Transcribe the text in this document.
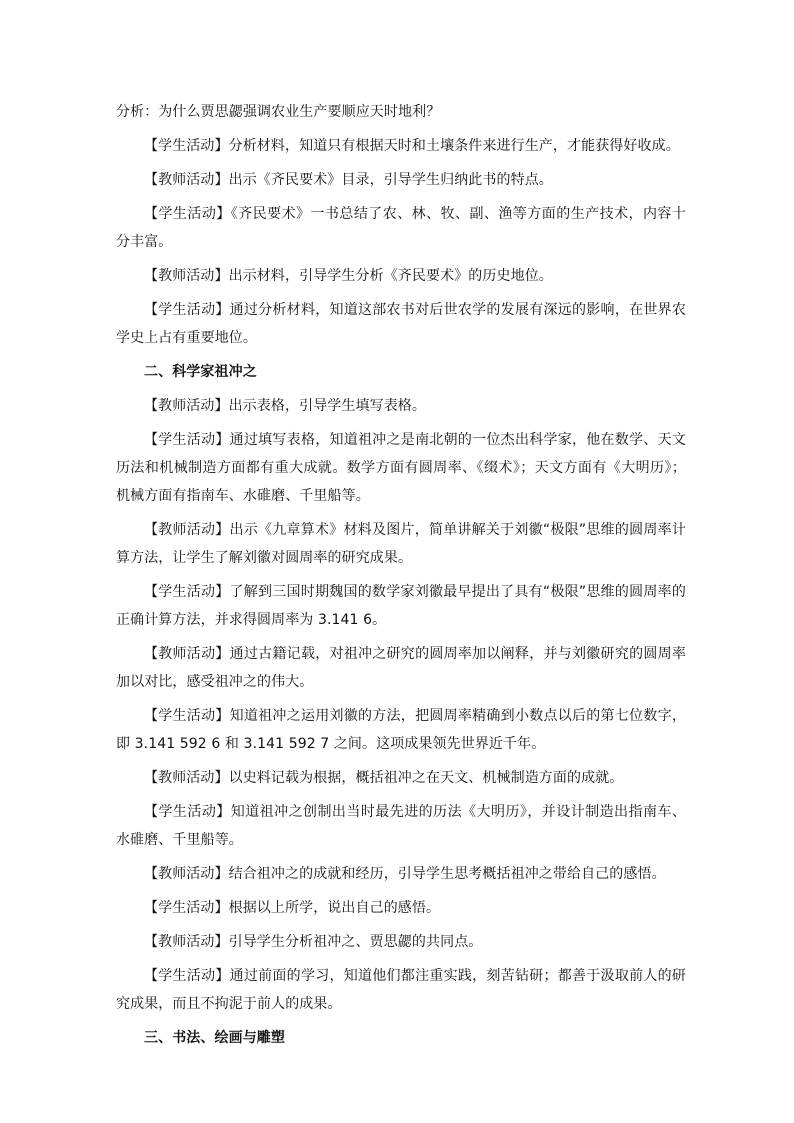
分析：为什么贾思勰强调农业生产要顺应天时地利？

【学生活动】分析材料，知道只有根据天时和土壤条件来进行生产，才能获得好收成。

【教师活动】出示《齐民要术》目录，引导学生归纳此书的特点。

【学生活动】《齐民要术》一书总结了农、林、牧、副、渔等方面的生产技术，内容十分丰富。

【教师活动】出示材料，引导学生分析《齐民要术》的历史地位。

【学生活动】通过分析材料，知道这部农书对后世农学的发展有深远的影响，在世界农学史上占有重要地位。

二、科学家祖冲之

【教师活动】出示表格，引导学生填写表格。

【学生活动】通过填写表格，知道祖冲之是南北朝的一位杰出科学家，他在数学、天文历法和机械制造方面都有重大成就。数学方面有圆周率、《缀术》；天文方面有《大明历》；机械方面有指南车、水碓磨、千里船等。

【教师活动】出示《九章算术》材料及图片，简单讲解关于刘徽“极限”思维的圆周率计算方法，让学生了解刘徽对圆周率的研究成果。

【学生活动】了解到三国时期魏国的数学家刘徽最早提出了具有“极限”思维的圆周率的正确计算方法，并求得圆周率为 3.141 6。

【教师活动】通过古籍记载，对祖冲之研究的圆周率加以阐释，并与刘徽研究的圆周率加以对比，感受祖冲之的伟大。

【学生活动】知道祖冲之运用刘徽的方法，把圆周率精确到小数点以后的第七位数字，即 3.141 592 6 和 3.141 592 7 之间。这项成果领先世界近千年。

【教师活动】以史料记载为根据，概括祖冲之在天文、机械制造方面的成就。

【学生活动】知道祖冲之创制出当时最先进的历法《大明历》，并设计制造出指南车、水碓磨、千里船等。

【教师活动】结合祖冲之的成就和经历，引导学生思考概括祖冲之带给自己的感悟。

【学生活动】根据以上所学，说出自己的感悟。

【教师活动】引导学生分析祖冲之、贾思勰的共同点。

【学生活动】通过前面的学习，知道他们都注重实践，刻苦钻研；都善于汲取前人的研究成果，而且不拘泥于前人的成果。

三、书法、绘画与雕塑
